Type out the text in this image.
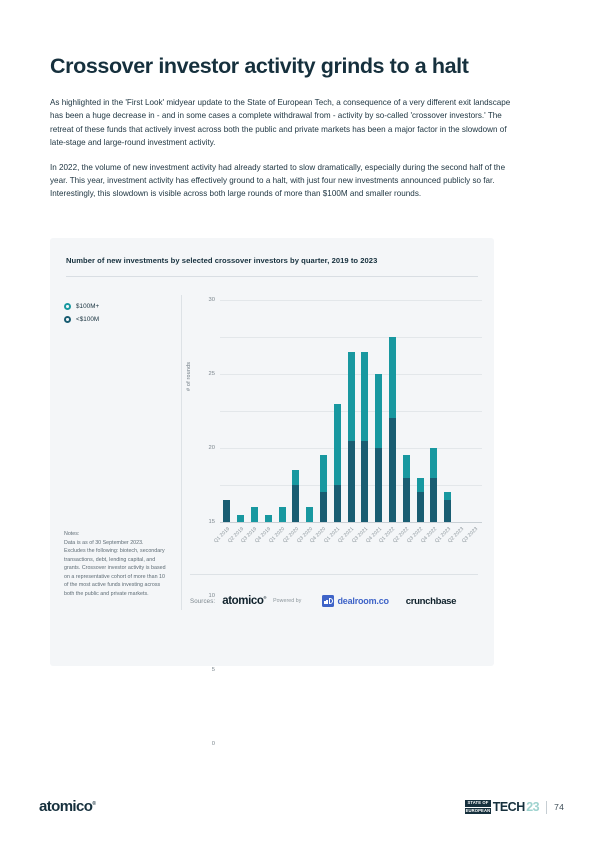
Crossover investor activity grinds to a halt

As highlighted in the 'First Look' midyear update to the State of European Tech, a consequence of a very different exit landscape has been a huge decrease in - and in some cases a complete withdrawal from - activity by so-called 'crossover investors.' The retreat of these funds that actively invest across both the public and private markets has been a major factor in the slowdown of late-stage and large-round investment activity.

In 2022, the volume of new investment activity had already started to slow dramatically, especially during the second half of the year. This year, investment activity has effectively ground to a halt, with just four new investments announced publicly so far. Interestingly, this slowdown is visible across both large rounds of more than $100M and smaller rounds.

Number of new investments by selected crossover investors by quarter, 2019 to 2023
$100M+
<$100M
Notes:
Data is as of 30 September 2023. Excludes the following: biotech, secondary transactions, debt, lending capital, and grants. Crossover investor activity is based on a representative cohort of more than 10 of the most active funds investing across both the public and private markets.
# of rounds
0
5
10
15
20
25
30
Q1 2019
Q2 2019
Q3 2019
Q4 2019
Q1 2020
Q2 2020
Q3 2020
Q4 2020
Q1 2021
Q2 2021
Q3 2021
Q4 2021
Q1 2022
Q2 2022
Q3 2022
Q4 2022
Q1 2023
Q2 2023
Q3 2023
Sources: atomico®
Powered by	dealroom.co crunchbase
atomico®	STATE OF
EUROPEAN TECH 23 74
